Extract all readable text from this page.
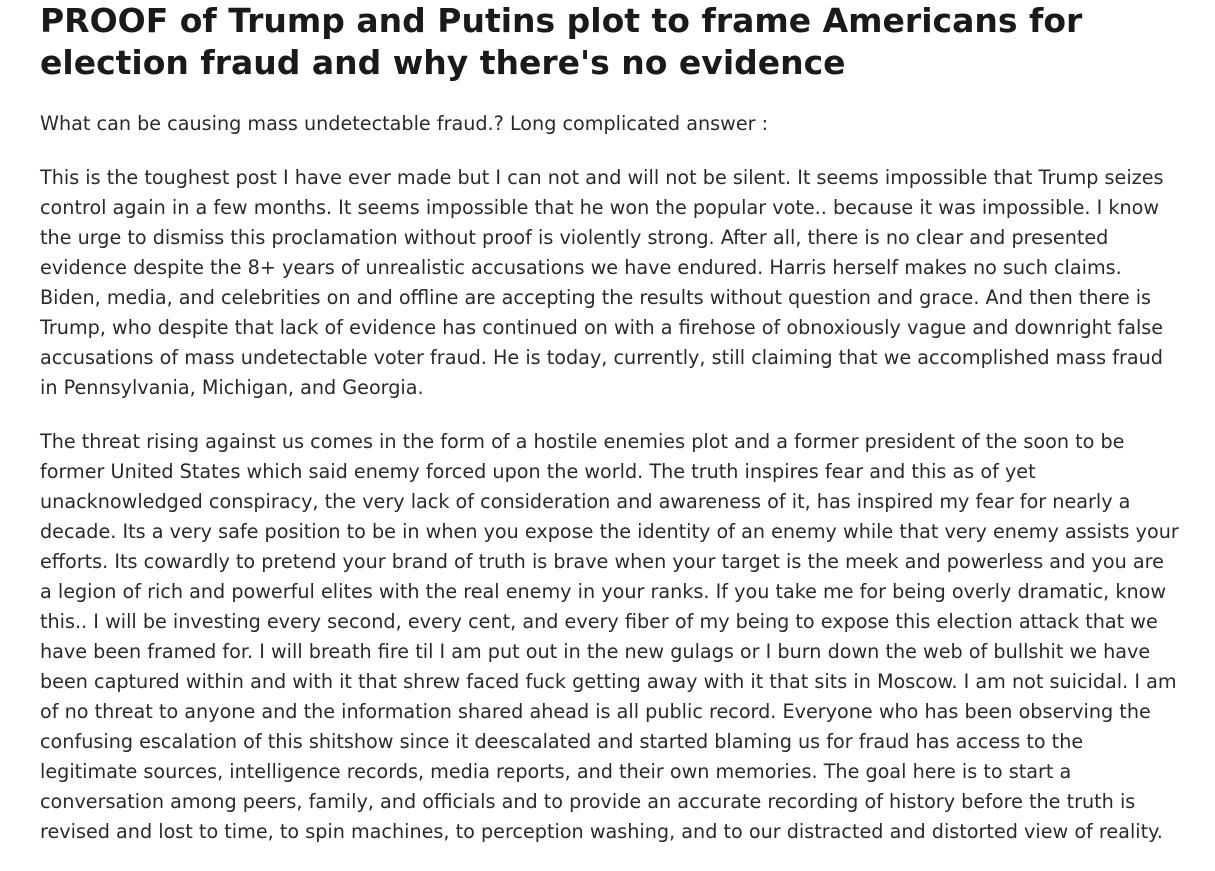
PROOF of Trump and Putins plot to frame Americans for election fraud and why there's no evidence

What can be causing mass undetectable fraud.? Long complicated answer :

This is the toughest post I have ever made but I can not and will not be silent. It seems impossible that Trump seizes control again in a few months. It seems impossible that he won the popular vote.. because it was impossible. I know the urge to dismiss this proclamation without proof is violently strong. After all, there is no clear and presented evidence despite the 8+ years of unrealistic accusations we have endured. Harris herself makes no such claims. Biden, media, and celebrities on and offline are accepting the results without question and grace. And then there is Trump, who despite that lack of evidence has continued on with a firehose of obnoxiously vague and downright false accusations of mass undetectable voter fraud. He is today, currently, still claiming that we accomplished mass fraud in Pennsylvania, Michigan, and Georgia.

The threat rising against us comes in the form of a hostile enemies plot and a former president of the soon to be former United States which said enemy forced upon the world. The truth inspires fear and this as of yet unacknowledged conspiracy, the very lack of consideration and awareness of it, has inspired my fear for nearly a decade. Its a very safe position to be in when you expose the identity of an enemy while that very enemy assists your efforts. Its cowardly to pretend your brand of truth is brave when your target is the meek and powerless and you are a legion of rich and powerful elites with the real enemy in your ranks. If you take me for being overly dramatic, know this.. I will be investing every second, every cent, and every fiber of my being to expose this election attack that we have been framed for. I will breath fire til I am put out in the new gulags or I burn down the web of bullshit we have been captured within and with it that shrew faced fuck getting away with it that sits in Moscow. I am not suicidal. I am of no threat to anyone and the information shared ahead is all public record. Everyone who has been observing the confusing escalation of this shitshow since it deescalated and started blaming us for fraud has access to the legitimate sources, intelligence records, media reports, and their own memories. The goal here is to start a conversation among peers, family, and officials and to provide an accurate recording of history before the truth is revised and lost to time, to spin machines, to perception washing, and to our distracted and distorted view of reality.
